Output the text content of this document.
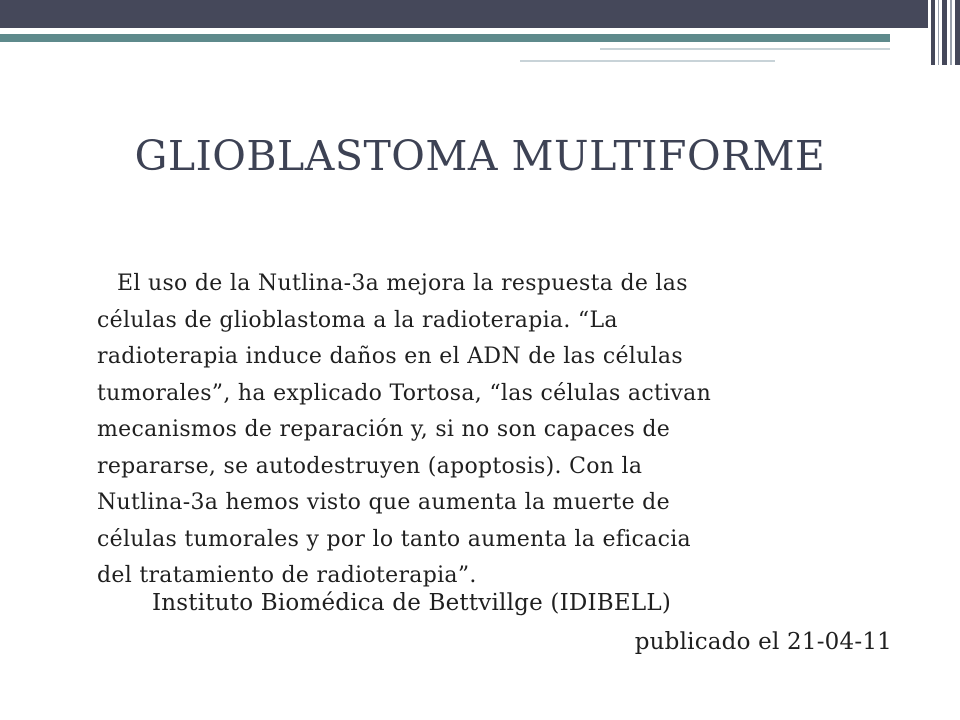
GLIOBLASTOMA MULTIFORME

El uso de la Nutlina-3a mejora la respuesta de las
células de glioblastoma a la radioterapia. “La
radioterapia induce daños en el ADN de las células
tumorales”, ha explicado Tortosa, “las células activan
mecanismos de reparación y, si no son capaces de
repararse, se autodestruyen (apoptosis). Con la
Nutlina-3a hemos visto que aumenta la muerte de
células tumorales y por lo tanto aumenta la eficacia
del tratamiento de radioterapia”.

Instituto Biomédica de Bettvillge (IDIBELL)

publicado el 21-04-11
